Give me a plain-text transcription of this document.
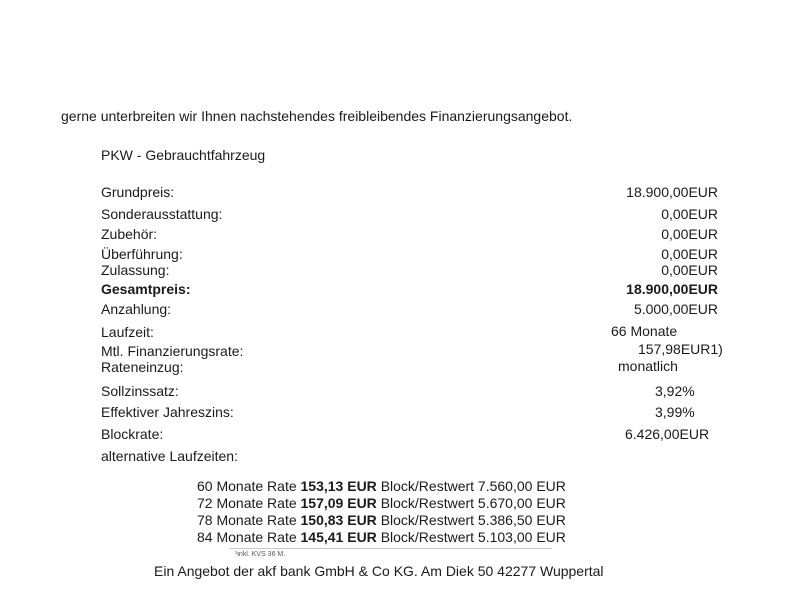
gerne unterbreiten wir Ihnen nachstehendes freibleibendes Finanzierungsangebot.
PKW - Gebrauchtfahrzeug
Grundpreis:	18.900,00EUR
Sonderausstattung:	0,00EUR
Zubehör:	0,00EUR
Überführung:	0,00EUR
Zulassung:	0,00EUR
Gesamtpreis:	18.900,00EUR
Anzahlung:	5.000,00EUR
Laufzeit:	66 Monate
Mtl. Finanzierungsrate:	157,98EUR1)
Rateneinzug:	monatlich
Sollzinssatz:	3,92%
Effektiver Jahreszins:	3,99%
Blockrate:	6.426,00EUR
alternative Laufzeiten:
60 Monate Rate 153,13 EUR Block/Restwert 7.560,00 EUR
72 Monate Rate 157,09 EUR Block/Restwert 5.670,00 EUR
78 Monate Rate 150,83 EUR Block/Restwert 5.386,50 EUR
84 Monate Rate 145,41 EUR Block/Restwert 5.103,00 EUR
¹inkl. KVS 36 M.
Ein Angebot der akf bank GmbH & Co KG. Am Diek 50 42277 Wuppertal
